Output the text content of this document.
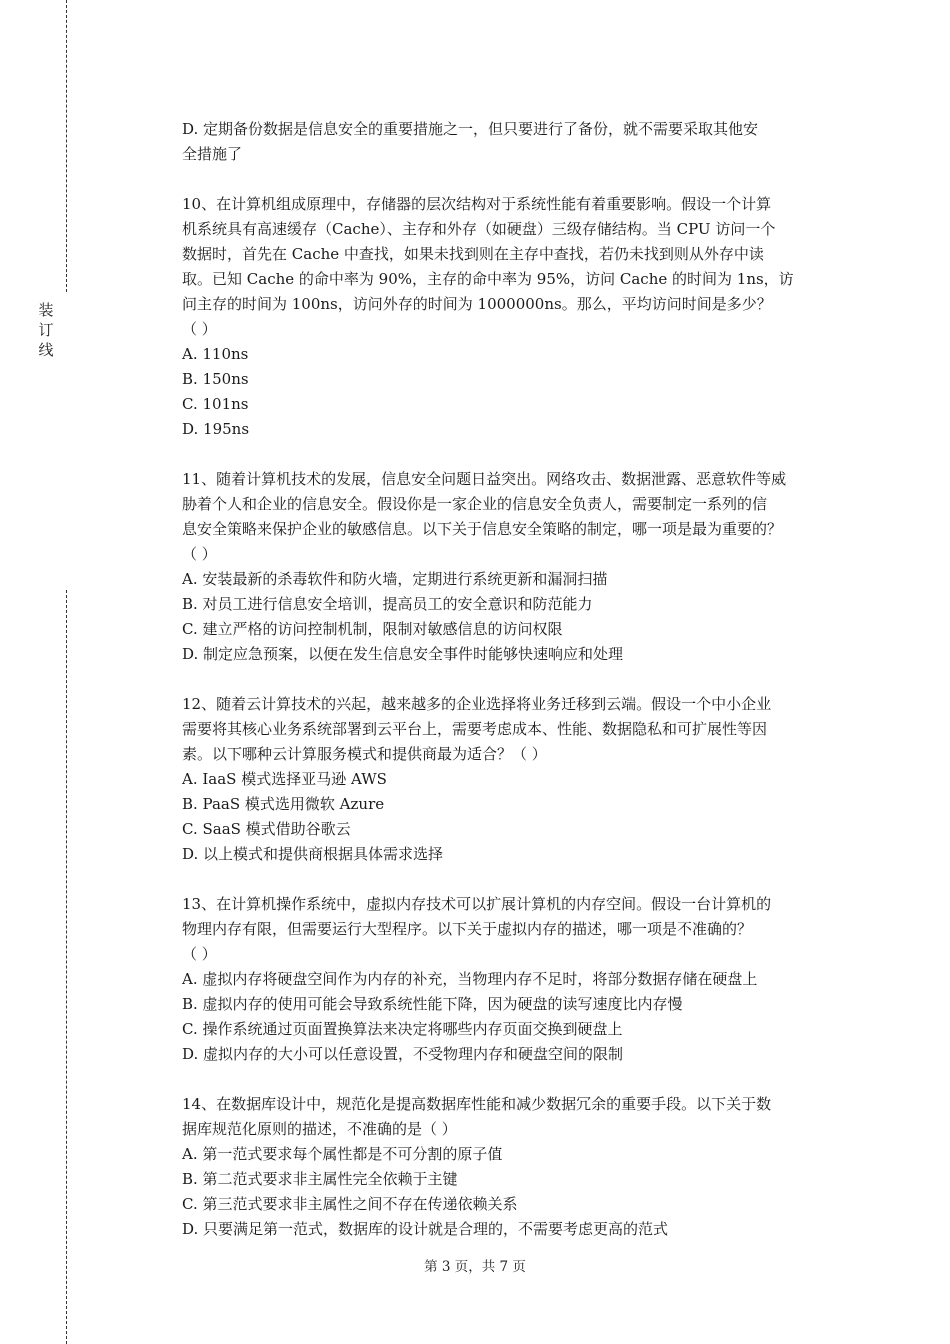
装
订
线
D. 定期备份数据是信息安全的重要措施之一，但只要进行了备份，就不需要采取其他安
全措施了
10、在计算机组成原理中，存储器的层次结构对于系统性能有着重要影响。假设一个计算
机系统具有高速缓存（Cache）、主存和外存（如硬盘）三级存储结构。当 CPU 访问一个
数据时，首先在 Cache 中查找，如果未找到则在主存中查找，若仍未找到则从外存中读
取。已知 Cache 的命中率为 90%，主存的命中率为 95%，访问 Cache 的时间为 1ns，访
问主存的时间为 100ns，访问外存的时间为 1000000ns。那么，平均访问时间是多少？
（ ）
A. 110ns
B. 150ns
C. 101ns
D. 195ns
11、随着计算机技术的发展，信息安全问题日益突出。网络攻击、数据泄露、恶意软件等威
胁着个人和企业的信息安全。假设你是一家企业的信息安全负责人，需要制定一系列的信
息安全策略来保护企业的敏感信息。以下关于信息安全策略的制定，哪一项是最为重要的？
（ ）
A. 安装最新的杀毒软件和防火墙，定期进行系统更新和漏洞扫描
B. 对员工进行信息安全培训，提高员工的安全意识和防范能力
C. 建立严格的访问控制机制，限制对敏感信息的访问权限
D. 制定应急预案，以便在发生信息安全事件时能够快速响应和处理
12、随着云计算技术的兴起，越来越多的企业选择将业务迁移到云端。假设一个中小企业
需要将其核心业务系统部署到云平台上，需要考虑成本、性能、数据隐私和可扩展性等因
素。以下哪种云计算服务模式和提供商最为适合？（ ）
A. IaaS 模式选择亚马逊 AWS
B. PaaS 模式选用微软 Azure
C. SaaS 模式借助谷歌云
D. 以上模式和提供商根据具体需求选择
13、在计算机操作系统中，虚拟内存技术可以扩展计算机的内存空间。假设一台计算机的
物理内存有限，但需要运行大型程序。以下关于虚拟内存的描述，哪一项是不准确的？
（ ）
A. 虚拟内存将硬盘空间作为内存的补充，当物理内存不足时，将部分数据存储在硬盘上
B. 虚拟内存的使用可能会导致系统性能下降，因为硬盘的读写速度比内存慢
C. 操作系统通过页面置换算法来决定将哪些内存页面交换到硬盘上
D. 虚拟内存的大小可以任意设置，不受物理内存和硬盘空间的限制
14、在数据库设计中，规范化是提高数据库性能和减少数据冗余的重要手段。以下关于数
据库规范化原则的描述，不准确的是（ ）
A. 第一范式要求每个属性都是不可分割的原子值
B. 第二范式要求非主属性完全依赖于主键
C. 第三范式要求非主属性之间不存在传递依赖关系
D. 只要满足第一范式，数据库的设计就是合理的，不需要考虑更高的范式
第 3 页，共 7 页
